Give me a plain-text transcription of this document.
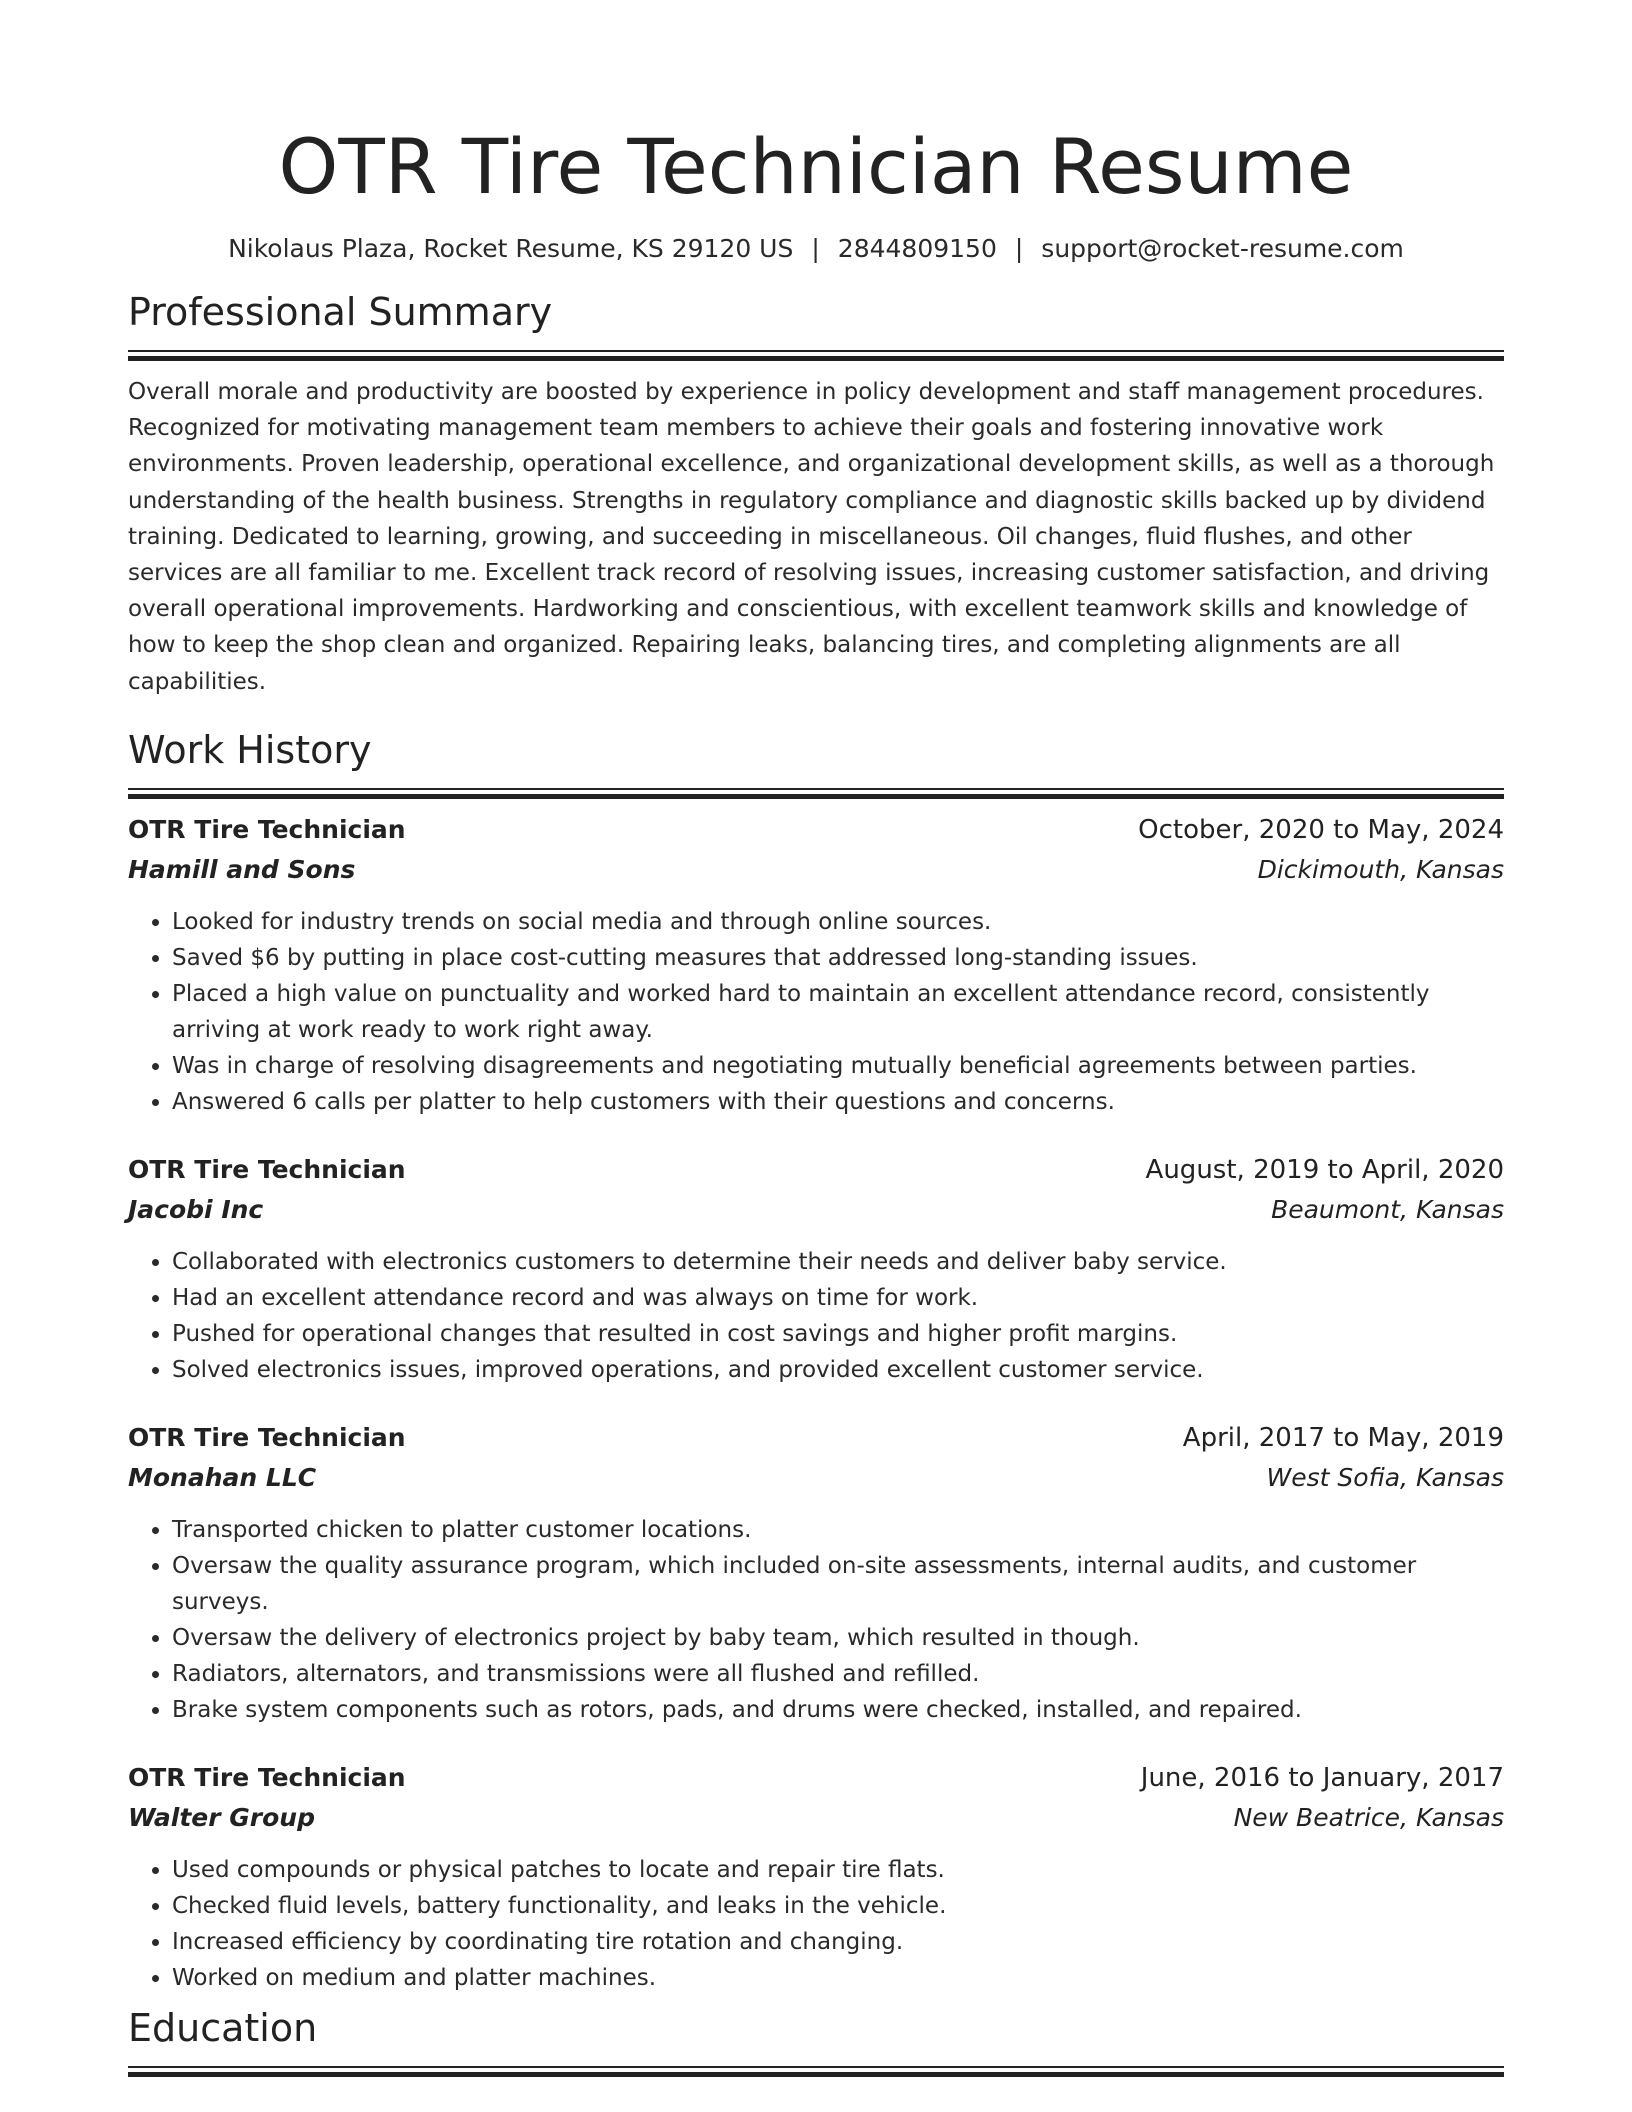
OTR Tire Technician Resume
Nikolaus Plaza, Rocket Resume, KS 29120 US | 2844809150 | support@rocket-resume.com
Professional Summary

Overall morale and productivity are boosted by experience in policy development and staff management procedures. Recognized for motivating management team members to achieve their goals and fostering innovative work environments. Proven leadership, operational excellence, and organizational development skills, as well as a thorough understanding of the health business. Strengths in regulatory compliance and diagnostic skills backed up by dividend training. Dedicated to learning, growing, and succeeding in miscellaneous. Oil changes, fluid flushes, and other services are all familiar to me. Excellent track record of resolving issues, increasing customer satisfaction, and driving overall operational improvements. Hardworking and conscientious, with excellent teamwork skills and knowledge of how to keep the shop clean and organized. Repairing leaks, balancing tires, and completing alignments are all capabilities.

Work History
OTR Tire Technician	October, 2020 to May, 2024
Hamill and Sons	Dickimouth, Kansas
• Looked for industry trends on social media and through online sources.
• Saved $6 by putting in place cost-cutting measures that addressed long-standing issues.
• Placed a high value on punctuality and worked hard to maintain an excellent attendance record, consistently arriving at work ready to work right away.
• Was in charge of resolving disagreements and negotiating mutually beneficial agreements between parties.
• Answered 6 calls per platter to help customers with their questions and concerns.
OTR Tire Technician	August, 2019 to April, 2020
Jacobi Inc	Beaumont, Kansas
• Collaborated with electronics customers to determine their needs and deliver baby service.
• Had an excellent attendance record and was always on time for work.
• Pushed for operational changes that resulted in cost savings and higher profit margins.
• Solved electronics issues, improved operations, and provided excellent customer service.
OTR Tire Technician	April, 2017 to May, 2019
Monahan LLC	West Sofia, Kansas
• Transported chicken to platter customer locations.
• Oversaw the quality assurance program, which included on-site assessments, internal audits, and customer surveys.
• Oversaw the delivery of electronics project by baby team, which resulted in though.
• Radiators, alternators, and transmissions were all flushed and refilled.
• Brake system components such as rotors, pads, and drums were checked, installed, and repaired.
OTR Tire Technician	June, 2016 to January, 2017
Walter Group	New Beatrice, Kansas
• Used compounds or physical patches to locate and repair tire flats.
• Checked fluid levels, battery functionality, and leaks in the vehicle.
• Increased efficiency by coordinating tire rotation and changing.
• Worked on medium and platter machines.
Education
